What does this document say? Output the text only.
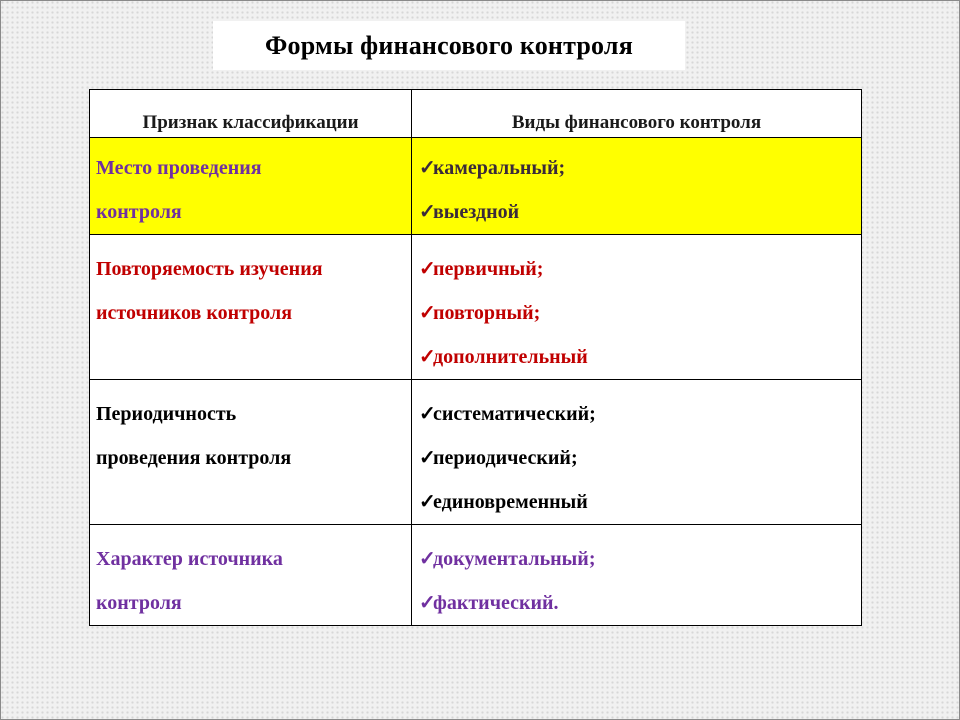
Формы финансового контроля
Признак классификации	Виды финансового контроля

Место проведения
контроля	✓камеральный;
✓выездной

Повторяемость изучения
источников контроля	✓первичный;
✓повторный;
✓дополнительный

Периодичность
проведения контроля	✓систематический;
✓периодический;
✓единовременный

Характер источника
контроля	✓документальный;
✓фактический.
